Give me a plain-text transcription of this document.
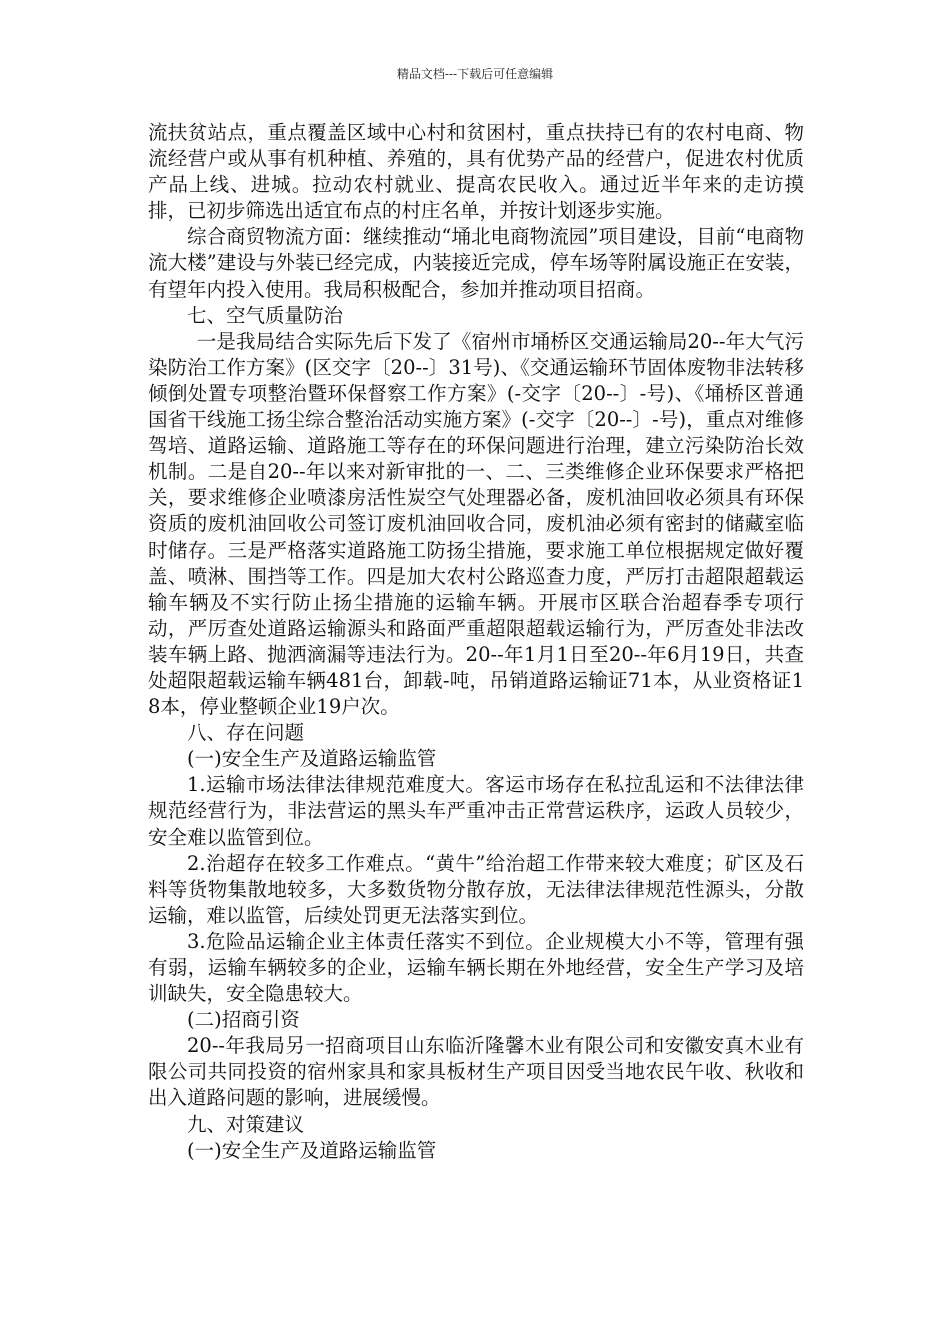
精品文档---下载后可任意编辑

流扶贫站点，重点覆盖区域中心村和贫困村，重点扶持已有的农村电商、物流经营户或从事有机种植、养殖的，具有优势产品的经营户，促进农村优质产品上线、进城。拉动农村就业、提高农民收入。通过近半年来的走访摸排，已初步筛选出适宜布点的村庄名单，并按计划逐步实施。

综合商贸物流方面：继续推动“埇北电商物流园”项目建设，目前“电商物流大楼”建设与外装已经完成，内装接近完成，停车场等附属设施正在安装，有望年内投入使用。我局积极配合，参加并推动项目招商。

七、空气质量防治

一是我局结合实际先后下发了《宿州市埇桥区交通运输局20--年大气污染防治工作方案》(区交字〔20--〕31号)、《交通运输环节固体废物非法转移倾倒处置专项整治暨环保督察工作方案》(-交字〔20--〕-号)、《埇桥区普通国省干线施工扬尘综合整治活动实施方案》(-交字〔20--〕-号)，重点对维修驾培、道路运输、道路施工等存在的环保问题进行治理，建立污染防治长效机制。二是自20--年以来对新审批的一、二、三类维修企业环保要求严格把关，要求维修企业喷漆房活性炭空气处理器必备，废机油回收必须具有环保资质的废机油回收公司签订废机油回收合同，废机油必须有密封的储藏室临时储存。三是严格落实道路施工防扬尘措施，要求施工单位根据规定做好覆盖、喷淋、围挡等工作。四是加大农村公路巡查力度，严厉打击超限超载运输车辆及不实行防止扬尘措施的运输车辆。开展市区联合治超春季专项行动，严厉查处道路运输源头和路面严重超限超载运输行为，严厉查处非法改装车辆上路、抛洒滴漏等违法行为。20--年1月1日至20--年6月19日，共查处超限超载运输车辆481台，卸载-吨，吊销道路运输证71本，从业资格证18本，停业整顿企业19户次。

八、存在问题

(一)安全生产及道路运输监管

1.运输市场法律法律规范难度大。客运市场存在私拉乱运和不法律法律规范经营行为，非法营运的黑头车严重冲击正常营运秩序，运政人员较少，安全难以监管到位。

2.治超存在较多工作难点。“黄牛”给治超工作带来较大难度；矿区及石料等货物集散地较多，大多数货物分散存放，无法律法律规范性源头，分散运输，难以监管，后续处罚更无法落实到位。

3.危险品运输企业主体责任落实不到位。企业规模大小不等，管理有强有弱，运输车辆较多的企业，运输车辆长期在外地经营，安全生产学习及培训缺失，安全隐患较大。

(二)招商引资

20--年我局另一招商项目山东临沂隆馨木业有限公司和安徽安真木业有限公司共同投资的宿州家具和家具板材生产项目因受当地农民午收、秋收和出入道路问题的影响，进展缓慢。

九、对策建议

(一)安全生产及道路运输监管
